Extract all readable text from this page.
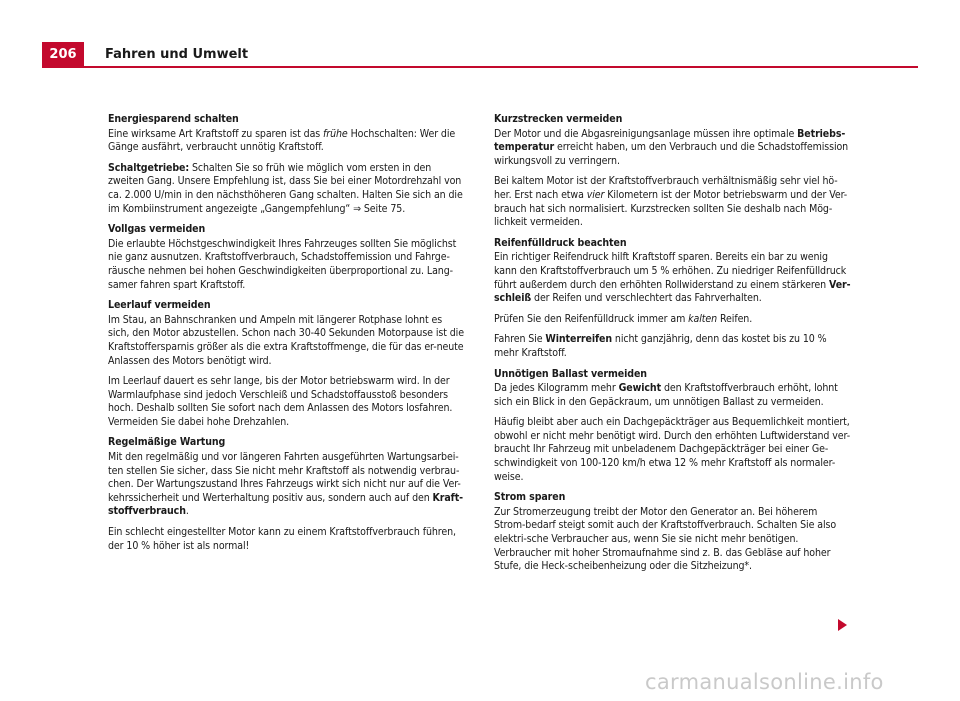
206	Fahren und Umwelt

Energiesparend schalten

Eine wirksame Art Kraftstoff zu sparen ist das frühe Hochschalten: Wer die Gänge ausfährt, verbraucht unnötig Kraftstoff.

Schaltgetriebe: Schalten Sie so früh wie möglich vom ersten in den zweiten Gang. Unsere Empfehlung ist, dass Sie bei einer Motordrehzahl von ca. 2.000 U/min in den nächsthöheren Gang schalten. Halten Sie sich an die im Kombiinstrument angezeigte „Gangempfehlung“ ⇒ Seite 75.

Vollgas vermeiden

Die erlaubte Höchstgeschwindigkeit Ihres Fahrzeuges sollten Sie möglichst nie ganz ausnutzen. Kraftstoffverbrauch, Schadstoffemission und Fahrge-räusche nehmen bei hohen Geschwindigkeiten überproportional zu. Lang-samer fahren spart Kraftstoff.

Leerlauf vermeiden

Im Stau, an Bahnschranken und Ampeln mit längerer Rotphase lohnt es sich, den Motor abzustellen. Schon nach 30-40 Sekunden Motorpause ist die Kraftstoffersparnis größer als die extra Kraftstoffmenge, die für das er-neute Anlassen des Motors benötigt wird.

Im Leerlauf dauert es sehr lange, bis der Motor betriebswarm wird. In der Warmlaufphase sind jedoch Verschleiß und Schadstoffausstoß besonders hoch. Deshalb sollten Sie sofort nach dem Anlassen des Motors losfahren. Vermeiden Sie dabei hohe Drehzahlen.

Regelmäßige Wartung

Mit den regelmäßig und vor längeren Fahrten ausgeführten Wartungsarbei-ten stellen Sie sicher, dass Sie nicht mehr Kraftstoff als notwendig verbrau-chen. Der Wartungszustand Ihres Fahrzeugs wirkt sich nicht nur auf die Ver-kehrssicherheit und Werterhaltung positiv aus, sondern auch auf den Kraft-stoffverbrauch.

Ein schlecht eingestellter Motor kann zu einem Kraftstoffverbrauch führen, der 10 % höher ist als normal!

Kurzstrecken vermeiden

Der Motor und die Abgasreinigungsanlage müssen ihre optimale Betriebs-temperatur erreicht haben, um den Verbrauch und die Schadstoffemission wirkungsvoll zu verringern.

Bei kaltem Motor ist der Kraftstoffverbrauch verhältnismäßig sehr viel hö-her. Erst nach etwa vier Kilometern ist der Motor betriebswarm und der Ver-brauch hat sich normalisiert. Kurzstrecken sollten Sie deshalb nach Mög-lichkeit vermeiden.

Reifenfülldruck beachten

Ein richtiger Reifendruck hilft Kraftstoff sparen. Bereits ein bar zu wenig kann den Kraftstoffverbrauch um 5 % erhöhen. Zu niedriger Reifenfülldruck führt außerdem durch den erhöhten Rollwiderstand zu einem stärkeren Ver-schleiß der Reifen und verschlechtert das Fahrverhalten.

Prüfen Sie den Reifenfülldruck immer am kalten Reifen.

Fahren Sie Winterreifen nicht ganzjährig, denn das kostet bis zu 10 % mehr Kraftstoff.

Unnötigen Ballast vermeiden

Da jedes Kilogramm mehr Gewicht den Kraftstoffverbrauch erhöht, lohnt sich ein Blick in den Gepäckraum, um unnötigen Ballast zu vermeiden.

Häufig bleibt aber auch ein Dachgepäckträger aus Bequemlichkeit montiert, obwohl er nicht mehr benötigt wird. Durch den erhöhten Luftwiderstand ver-braucht Ihr Fahrzeug mit unbeladenem Dachgepäckträger bei einer Ge-schwindigkeit von 100-120 km/h etwa 12 % mehr Kraftstoff als normaler-weise.

Strom sparen

Zur Stromerzeugung treibt der Motor den Generator an. Bei höherem Strom-bedarf steigt somit auch der Kraftstoffverbrauch. Schalten Sie also elektri-sche Verbraucher aus, wenn Sie sie nicht mehr benötigen. Verbraucher mit hoher Stromaufnahme sind z. B. das Gebläse auf hoher Stufe, die Heck-scheibenheizung oder die Sitzheizung*.

carmanualsonline.info
